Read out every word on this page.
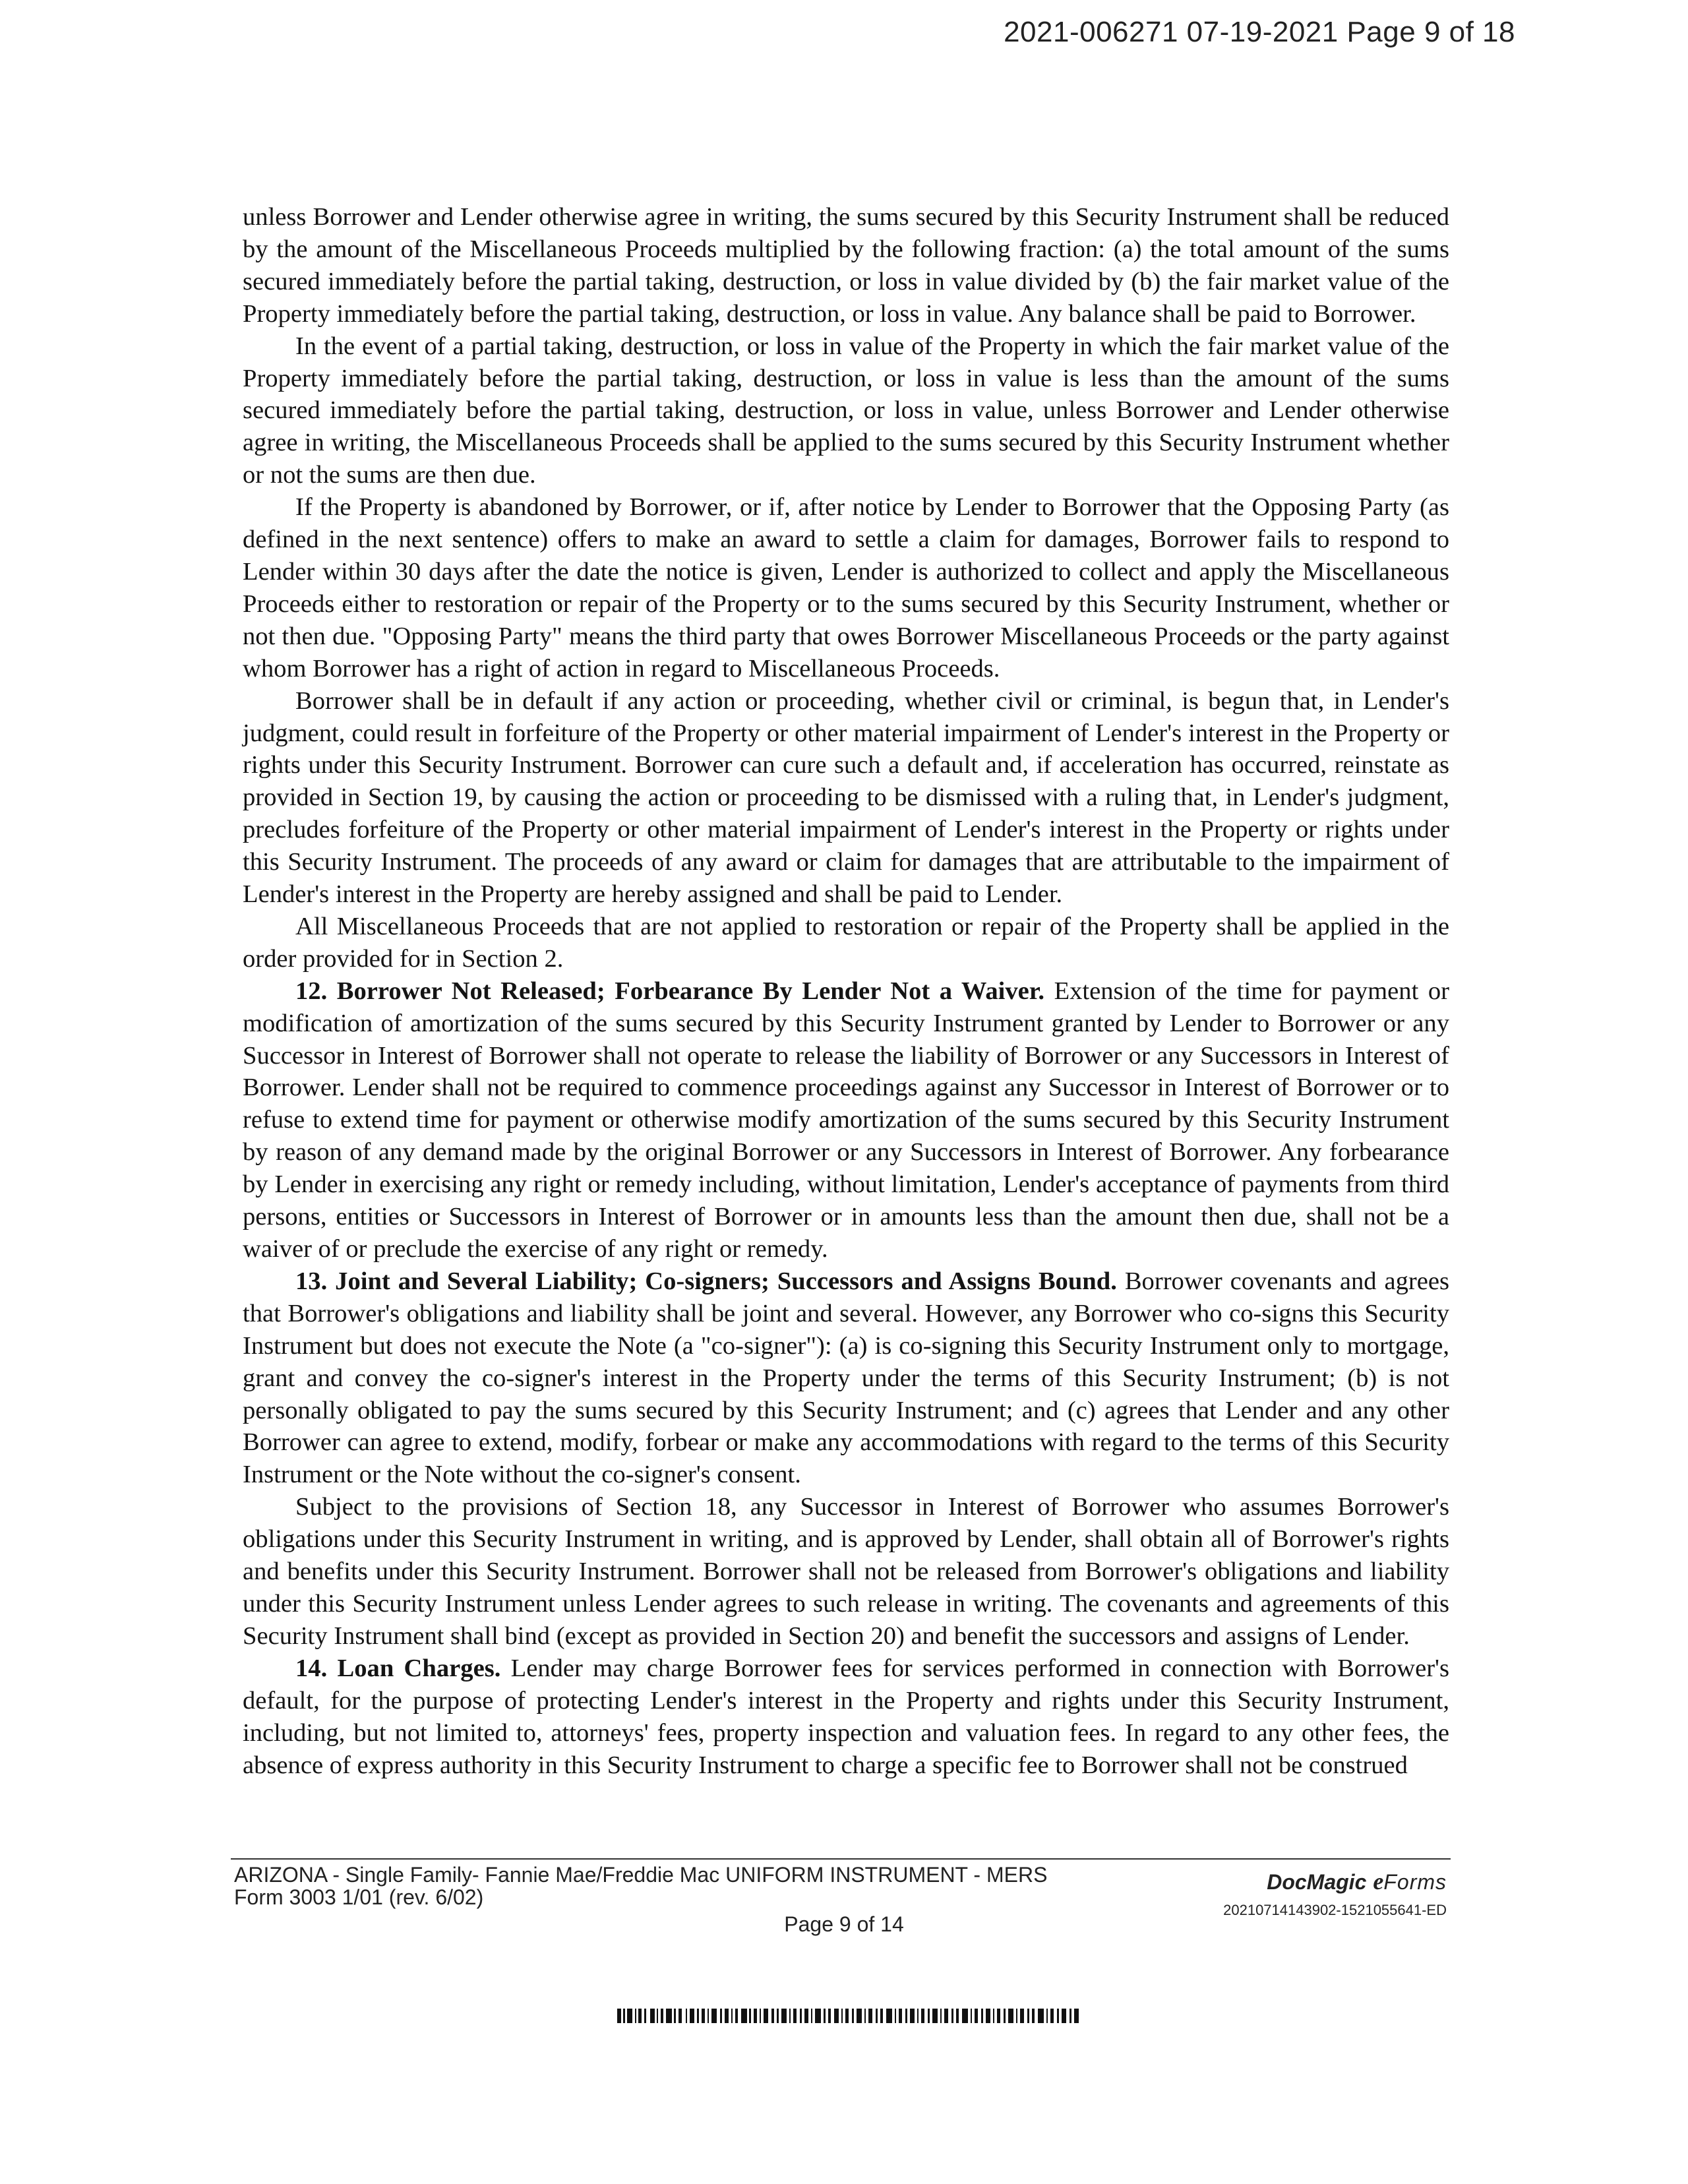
2021-006271 07-19-2021 Page 9 of 18

unless Borrower and Lender otherwise agree in writing, the sums secured by this Security Instrument shall be reduced by the amount of the Miscellaneous Proceeds multiplied by the following fraction: (a) the total amount of the sums secured immediately before the partial taking, destruction, or loss in value divided by (b) the fair market value of the Property immediately before the partial taking, destruction, or loss in value. Any balance shall be paid to Borrower.

In the event of a partial taking, destruction, or loss in value of the Property in which the fair market value of the Property immediately before the partial taking, destruction, or loss in value is less than the amount of the sums secured immediately before the partial taking, destruction, or loss in value, unless Borrower and Lender otherwise agree in writing, the Miscellaneous Proceeds shall be applied to the sums secured by this Security Instrument whether or not the sums are then due.

If the Property is abandoned by Borrower, or if, after notice by Lender to Borrower that the Opposing Party (as defined in the next sentence) offers to make an award to settle a claim for damages, Borrower fails to respond to Lender within 30 days after the date the notice is given, Lender is authorized to collect and apply the Miscellaneous Proceeds either to restoration or repair of the Property or to the sums secured by this Security Instrument, whether or not then due. "Opposing Party" means the third party that owes Borrower Miscellaneous Proceeds or the party against whom Borrower has a right of action in regard to Miscellaneous Proceeds.

Borrower shall be in default if any action or proceeding, whether civil or criminal, is begun that, in Lender's judgment, could result in forfeiture of the Property or other material impairment of Lender's interest in the Property or rights under this Security Instrument. Borrower can cure such a default and, if acceleration has occurred, reinstate as provided in Section 19, by causing the action or proceeding to be dismissed with a ruling that, in Lender's judgment, precludes forfeiture of the Property or other material impairment of Lender's interest in the Property or rights under this Security Instrument. The proceeds of any award or claim for damages that are attributable to the impairment of Lender's interest in the Property are hereby assigned and shall be paid to Lender.

All Miscellaneous Proceeds that are not applied to restoration or repair of the Property shall be applied in the order provided for in Section 2.

12. Borrower Not Released; Forbearance By Lender Not a Waiver. Extension of the time for payment or modification of amortization of the sums secured by this Security Instrument granted by Lender to Borrower or any Successor in Interest of Borrower shall not operate to release the liability of Borrower or any Successors in Interest of Borrower. Lender shall not be required to commence proceedings against any Successor in Interest of Borrower or to refuse to extend time for payment or otherwise modify amortization of the sums secured by this Security Instrument by reason of any demand made by the original Borrower or any Successors in Interest of Borrower. Any forbearance by Lender in exercising any right or remedy including, without limitation, Lender's acceptance of payments from third persons, entities or Successors in Interest of Borrower or in amounts less than the amount then due, shall not be a waiver of or preclude the exercise of any right or remedy.

13. Joint and Several Liability; Co-signers; Successors and Assigns Bound. Borrower covenants and agrees that Borrower's obligations and liability shall be joint and several. However, any Borrower who co-signs this Security Instrument but does not execute the Note (a "co-signer"): (a) is co-signing this Security Instrument only to mortgage, grant and convey the co-signer's interest in the Property under the terms of this Security Instrument; (b) is not personally obligated to pay the sums secured by this Security Instrument; and (c) agrees that Lender and any other Borrower can agree to extend, modify, forbear or make any accommodations with regard to the terms of this Security Instrument or the Note without the co-signer's consent.

Subject to the provisions of Section 18, any Successor in Interest of Borrower who assumes Borrower's obligations under this Security Instrument in writing, and is approved by Lender, shall obtain all of Borrower's rights and benefits under this Security Instrument. Borrower shall not be released from Borrower's obligations and liability under this Security Instrument unless Lender agrees to such release in writing. The covenants and agreements of this Security Instrument shall bind (except as provided in Section 20) and benefit the successors and assigns of Lender.

14. Loan Charges. Lender may charge Borrower fees for services performed in connection with Borrower's default, for the purpose of protecting Lender's interest in the Property and rights under this Security Instrument, including, but not limited to, attorneys' fees, property inspection and valuation fees. In regard to any other fees, the absence of express authority in this Security Instrument to charge a specific fee to Borrower shall not be construed

ARIZONA - Single Family- Fannie Mae/Freddie Mac UNIFORM INSTRUMENT - MERS
Form 3003 1/01 (rev. 6/02)
Page 9 of 14
DocMagic e Forms
20210714143902-1521055641-ED
